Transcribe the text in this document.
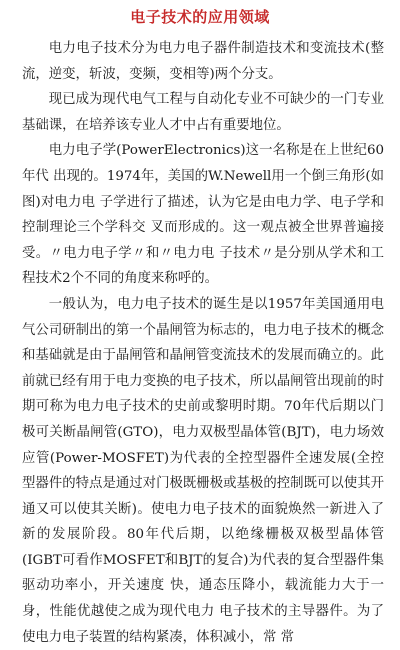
电子技术的应用领域

电力电子技术分为电力电子器件制造技术和变流技术(整流，逆变，斩波，变频，变相等)两个分支。

现已成为现代电气工程与自动化专业不可缺少的一门专业基础课，在培养该专业人才中占有重要地位。

电力电子学(PowerElectronics)这一名称是在上世纪60年代 出现的。1974年，美国的W.Newell用一个倒三角形(如图)对电力电 子学进行了描述，认为它是由电力学、电子学和控制理论三个学科交 叉而形成的。这一观点被全世界普遍接受。〃电力电子学〃和〃电力电 子技术〃是分别从学术和工程技术2个不同的角度来称呼的。

一般认为，电力电子技术的诞生是以1957年美国通用电气公司研制出的第一个晶闸管为标志的，电力电子技术的概念和基础就是由于晶闸管和晶闸管变流技术的发展而确立的。此前就已经有用于电力变换的电子技术，所以晶闸管出现前的时期可称为电力电子技术的史前或黎明时期。70年代后期以门极可关断晶闸管(GTO)，电力双极型晶体管(BJT)，电力场效应管(Power-MOSFET)为代表的全控型器件全速发展(全控型器件的特点是通过对门极既栅极或基极的控制既可以使其开通又可以使其关断)。使电力电子技术的面貌焕然一新进入了新的发展阶段。80年代后期，以绝缘栅极双极型晶体管(IGBT可看作MOSFET和BJT的复合)为代表的复合型器件集驱动功率小，开关速度 快，通态压降小，载流能力大于一身，性能优越使之成为现代电力 电子技术的主导器件。为了使电力电子装置的结构紧凑，体积减小，常 常
